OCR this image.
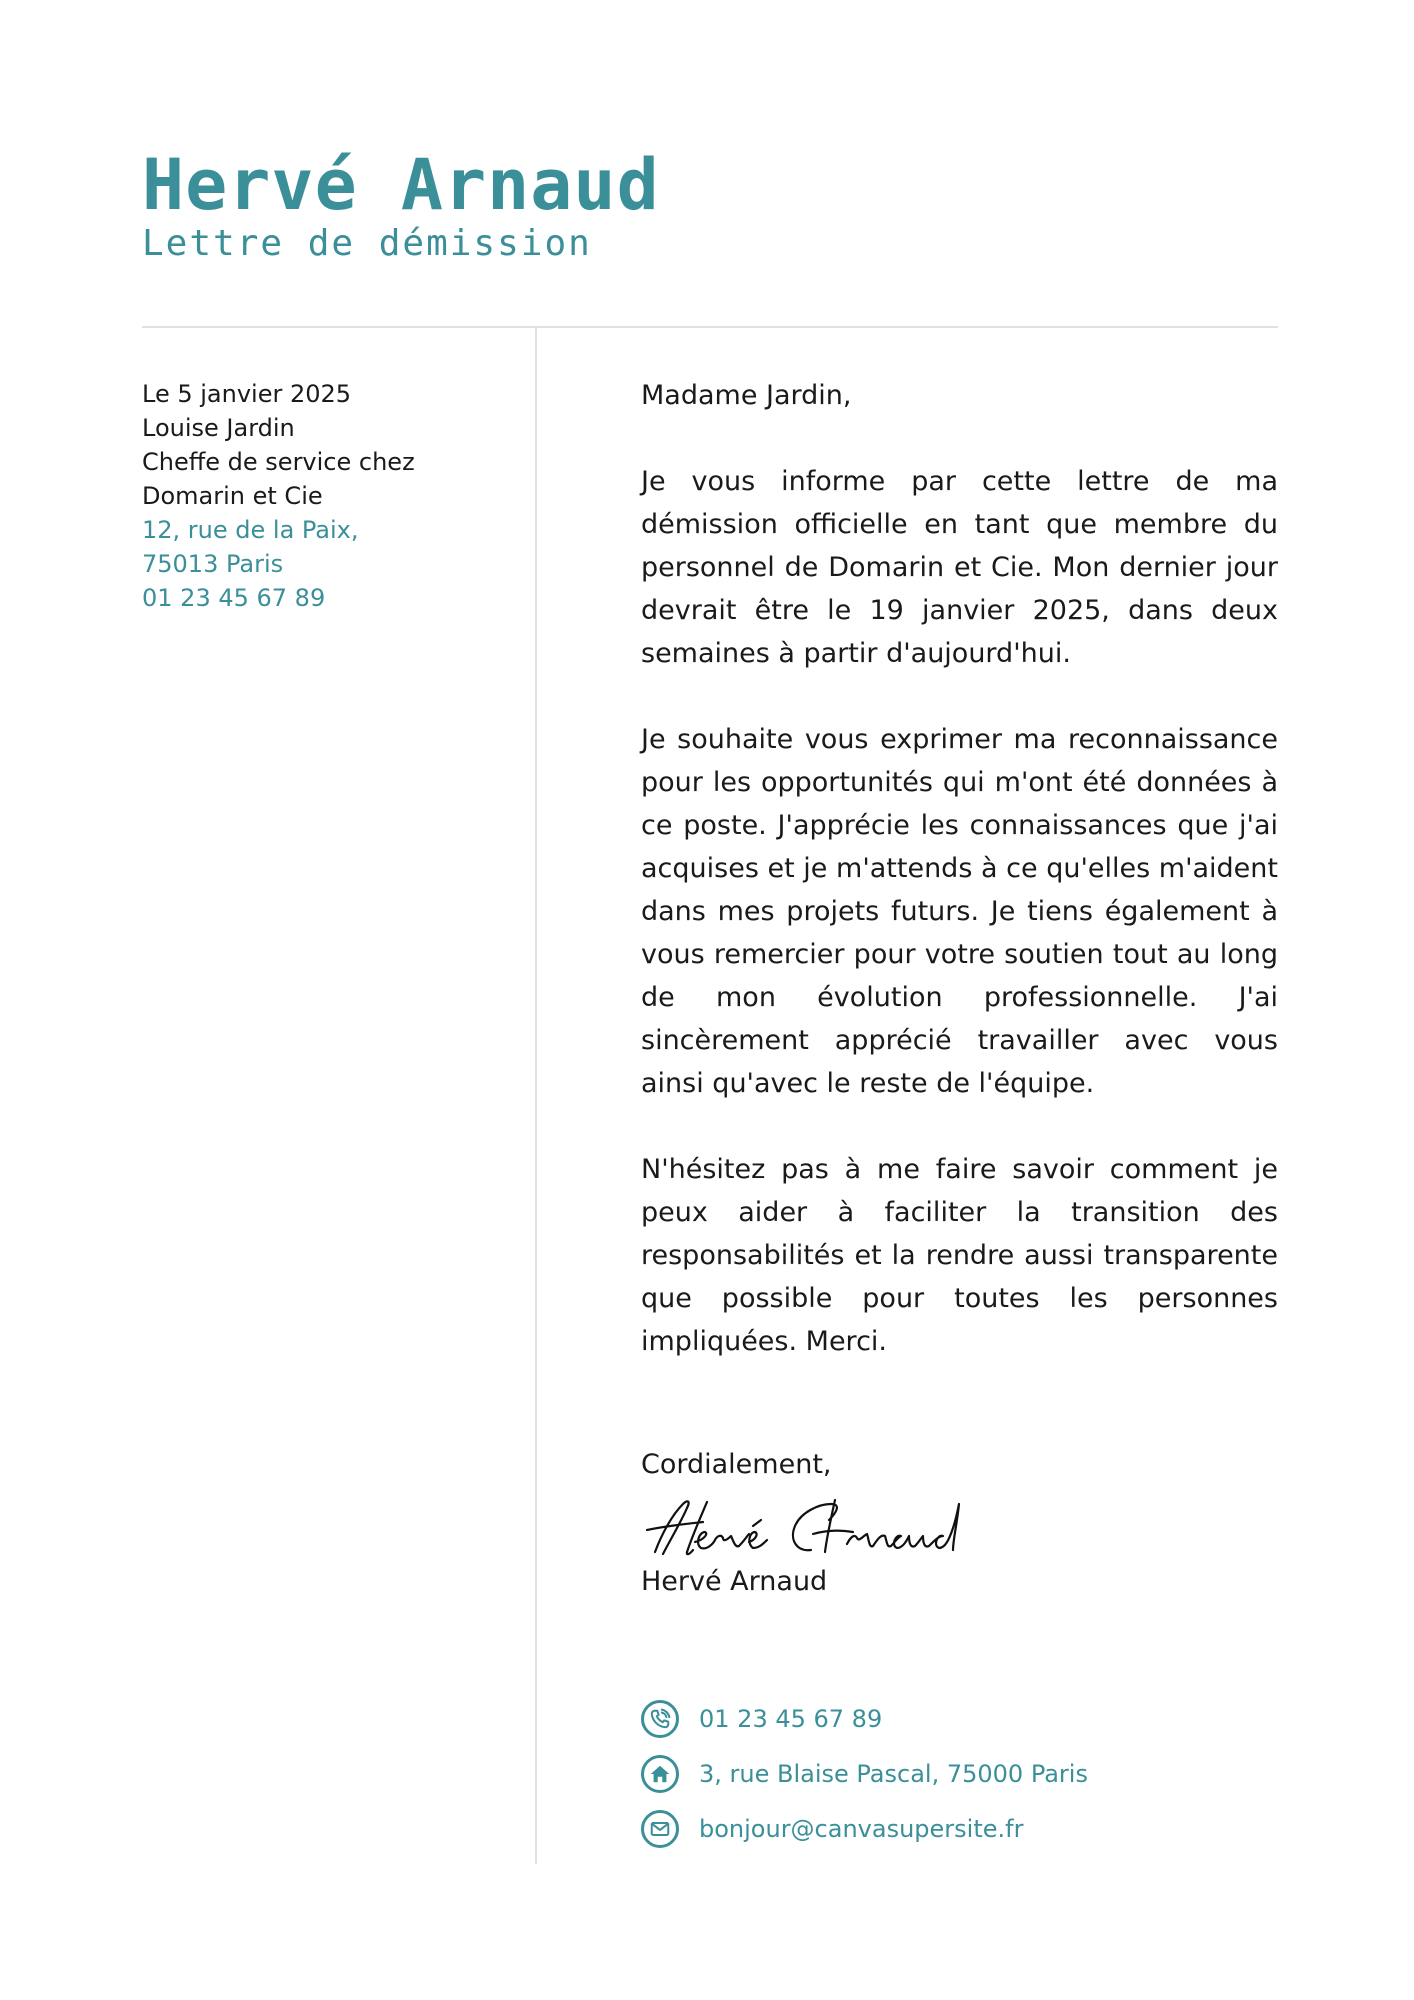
Hervé Arnaud
Lettre de démission
Le 5 janvier 2025
Louise Jardin
Cheffe de service chez
Domarin et Cie
12, rue de la Paix,
75013 Paris
01 23 45 67 89
Madame Jardin,

Je vous informe par cette lettre de ma démission officielle en tant que membre du personnel de Domarin et Cie. Mon dernier jour devrait être le 19 janvier 2025, dans deux semaines à partir d'aujourd'hui.

Je souhaite vous exprimer ma reconnaissance pour les opportunités qui m'ont été données à ce poste. J'apprécie les connaissances que j'ai acquises et je m'attends à ce qu'elles m'aident dans mes projets futurs. Je tiens également à vous remercier pour votre soutien tout au long de mon évolution professionnelle. J'ai sincèrement apprécié travailler avec vous ainsi qu'avec le reste de l'équipe.

N'hésitez pas à me faire savoir comment je peux aider à faciliter la transition des responsabilités et la rendre aussi transparente que possible pour toutes les personnes impliquées. Merci.

Cordialement,
Hervé Arnaud
01 23 45 67 89
3, rue Blaise Pascal, 75000 Paris
bonjour@canvasupersite.fr
